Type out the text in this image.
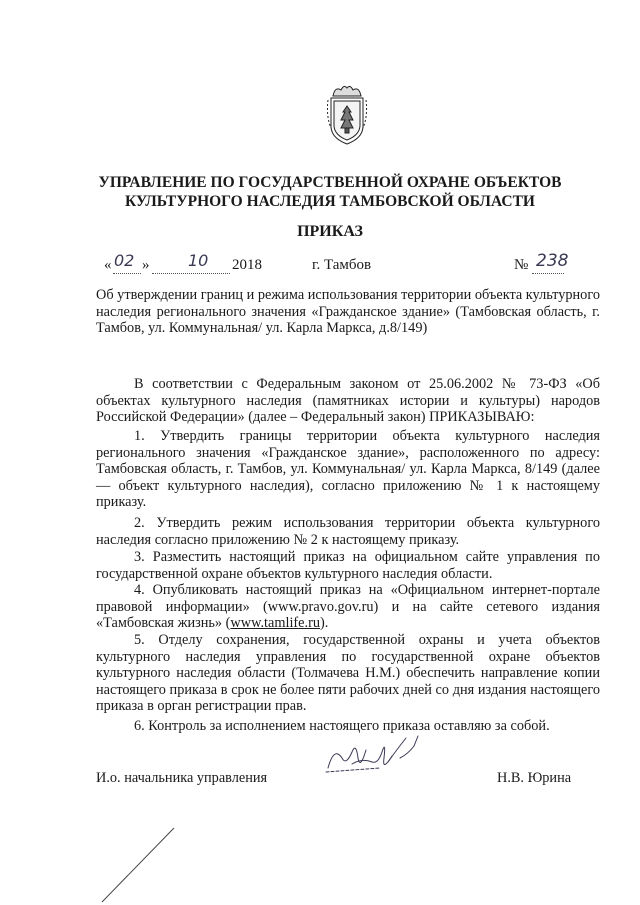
УПРАВЛЕНИЕ ПО ГОСУДАРСТВЕННОЙ ОХРАНЕ ОБЪЕКТОВ
КУЛЬТУРНОГО НАСЛЕДИЯ ТАМБОВСКОЙ ОБЛАСТИ
ПРИКАЗ
« 02 » 10 2018	г. Тамбов	№ 238
Об утверждении границ и режима использования территории объекта культурного наследия регионального значения «Гражданское здание» (Тамбовская область, г. Тамбов, ул. Коммунальная/ ул. Карла Маркса, д.8/149)

В соответствии с Федеральным законом от 25.06.2002 № 73-ФЗ «Об объектах культурного наследия (памятниках истории и культуры) народов Российской Федерации» (далее – Федеральный закон) ПРИКАЗЫВАЮ:

1. Утвердить границы территории объекта культурного наследия регионального значения «Гражданское здание», расположенного по адресу: Тамбовская область, г. Тамбов, ул. Коммунальная/ ул. Карла Маркса, 8/149 (далее — объект культурного наследия), согласно приложению № 1 к настоящему приказу.

2. Утвердить режим использования территории объекта культурного наследия согласно приложению № 2 к настоящему приказу.

3. Разместить настоящий приказ на официальном сайте управления по государственной охране объектов культурного наследия области.

4. Опубликовать настоящий приказ на «Официальном интернет-портале правовой информации» (www.pravo.gov.ru) и на сайте сетевого издания «Тамбовская жизнь» (www.tamlife.ru).

5. Отделу сохранения, государственной охраны и учета объектов культурного наследия управления по государственной охране объектов культурного наследия области (Толмачева Н.М.) обеспечить направление копии настоящего приказа в срок не более пяти рабочих дней со дня издания настоящего приказа в орган регистрации прав.

6. Контроль за исполнением настоящего приказа оставляю за собой.

И.о. начальника управления	Н.В. Юрина
